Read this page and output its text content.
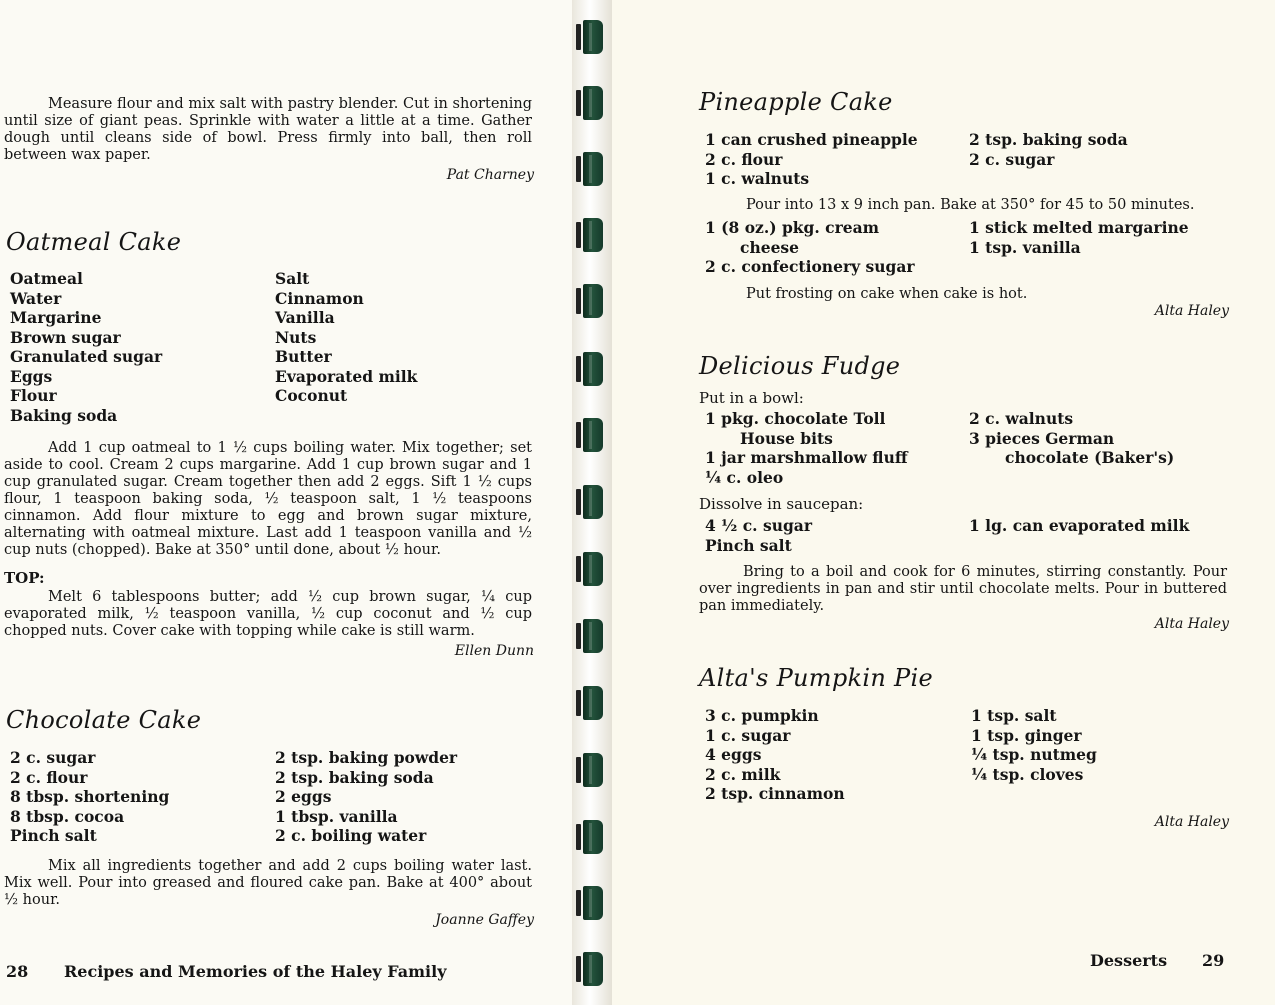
Measure flour and mix salt with pastry blender. Cut in shortening until size of giant peas. Sprinkle with water a little at a time. Gather dough until cleans side of bowl. Press firmly into ball, then roll between wax paper.

Pat Charney

Oatmeal Cake
Oatmeal
Water
Margarine
Brown sugar
Granulated sugar
Eggs
Flour
Baking soda
Salt
Cinnamon
Vanilla
Nuts
Butter
Evaporated milk
Coconut

Add 1 cup oatmeal to 1 ½ cups boiling water. Mix together; set aside to cool. Cream 2 cups margarine. Add 1 cup brown sugar and 1 cup granulated sugar. Cream together then add 2 eggs. Sift 1 ½ cups flour, 1 teaspoon baking soda, ½ teaspoon salt, 1 ½ teaspoons cinnamon. Add flour mixture to egg and brown sugar mixture, alternating with oatmeal mixture. Last add 1 teaspoon vanilla and ½ cup nuts (chopped). Bake at 350° until done, about ½ hour.

TOP:

Melt 6 tablespoons butter; add ½ cup brown sugar, ¼ cup evaporated milk, ½ teaspoon vanilla, ½ cup coconut and ½ cup chopped nuts. Cover cake with topping while cake is still warm.

Ellen Dunn

Chocolate Cake
2 c. sugar
2 c. flour
8 tbsp. shortening
8 tbsp. cocoa
Pinch salt
2 tsp. baking powder
2 tsp. baking soda
2 eggs
1 tbsp. vanilla
2 c. boiling water

Mix all ingredients together and add 2 cups boiling water last. Mix well. Pour into greased and floured cake pan. Bake at 400° about ½ hour.

Joanne Gaffey

28 Recipes and Memories of the Haley Family
Pineapple Cake
1 can crushed pineapple
2 c. flour
1 c. walnuts
2 tsp. baking soda
2 c. sugar

Pour into 13 x 9 inch pan. Bake at 350° for 45 to 50 minutes.

1 (8 oz.) pkg. cream
cheese
2 c. confectionery sugar
1 stick melted margarine
1 tsp. vanilla

Put frosting on cake when cake is hot.

Alta Haley

Delicious Fudge
Put in a bowl:
1 pkg. chocolate Toll
House bits
1 jar marshmallow fluff
¼ c. oleo
2 c. walnuts
3 pieces German
chocolate (Baker's)
Dissolve in saucepan:
4 ½ c. sugar
Pinch salt
1 lg. can evaporated milk

Bring to a boil and cook for 6 minutes, stirring constantly. Pour over ingredients in pan and stir until chocolate melts. Pour in buttered pan immediately.

Alta Haley

Alta's Pumpkin Pie
3 c. pumpkin
1 c. sugar
4 eggs
2 c. milk
2 tsp. cinnamon
1 tsp. salt
1 tsp. ginger
¼ tsp. nutmeg
¼ tsp. cloves

Alta Haley

Desserts 29
